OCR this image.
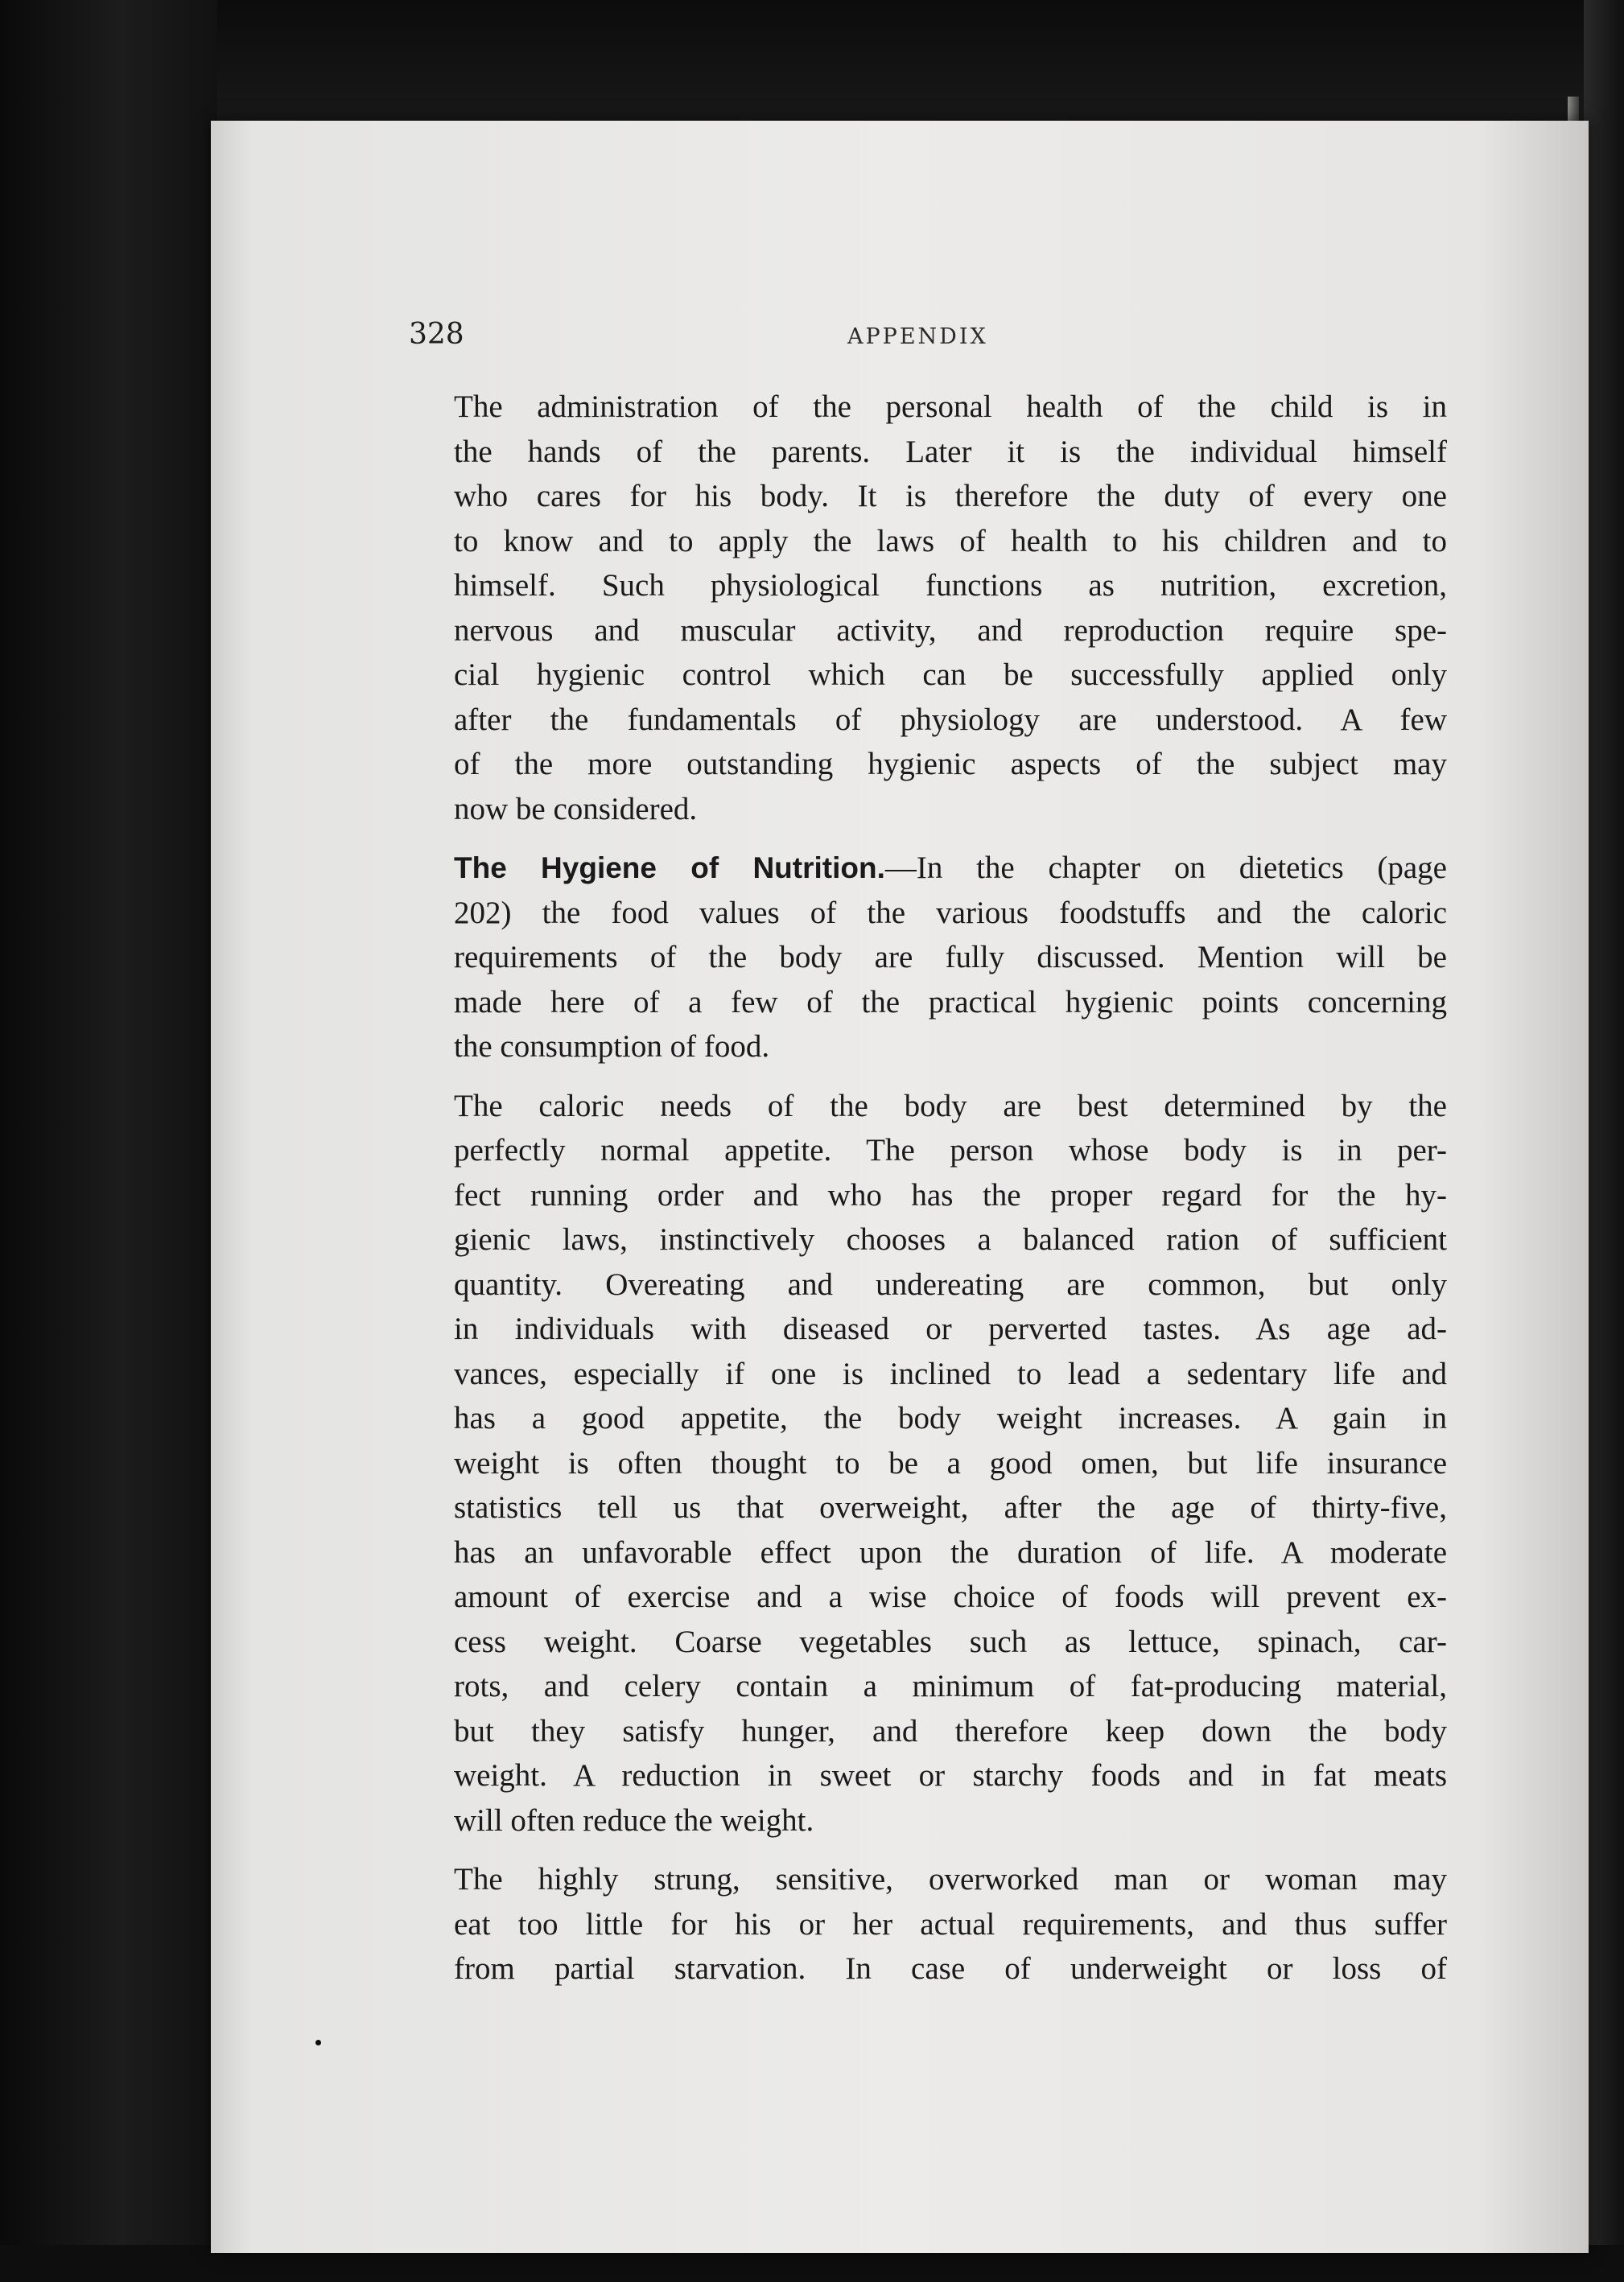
328	APPENDIX

The administration of the personal health of the child is in
the hands of the parents. Later it is the individual himself
who cares for his body. It is therefore the duty of every one
to know and to apply the laws of health to his children and to
himself. Such physiological functions as nutrition, excretion,
nervous and muscular activity, and reproduction require spe-
cial hygienic control which can be successfully applied only
after the fundamentals of physiology are understood. A few
of the more outstanding hygienic aspects of the subject may
now be considered.

The Hygiene of Nutrition.—In the chapter on dietetics (page
202) the food values of the various foodstuffs and the caloric
requirements of the body are fully discussed. Mention will be
made here of a few of the practical hygienic points concerning
the consumption of food.

The caloric needs of the body are best determined by the
perfectly normal appetite. The person whose body is in per-
fect running order and who has the proper regard for the hy-
gienic laws, instinctively chooses a balanced ration of sufficient
quantity. Overeating and undereating are common, but only
in individuals with diseased or perverted tastes. As age ad-
vances, especially if one is inclined to lead a sedentary life and
has a good appetite, the body weight increases. A gain in
weight is often thought to be a good omen, but life insurance
statistics tell us that overweight, after the age of thirty-five,
has an unfavorable effect upon the duration of life. A moderate
amount of exercise and a wise choice of foods will prevent ex-
cess weight. Coarse vegetables such as lettuce, spinach, car-
rots, and celery contain a minimum of fat-producing material,
but they satisfy hunger, and therefore keep down the body
weight. A reduction in sweet or starchy foods and in fat meats
will often reduce the weight.

The highly strung, sensitive, overworked man or woman may
eat too little for his or her actual requirements, and thus suffer
from partial starvation. In case of underweight or loss of
